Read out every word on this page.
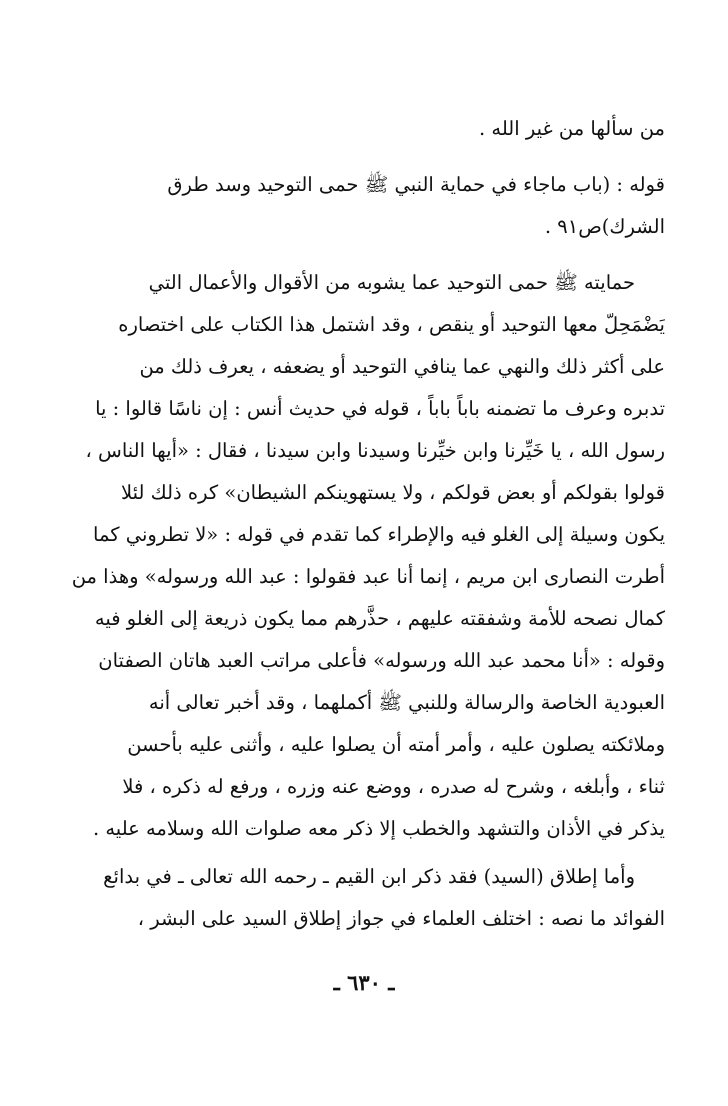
من سألها من غير الله .
قوله : (باب ماجاء في حماية النبي ﷺ حمى التوحيد وسد طرق
الشرك)ص٩١ .
حمايته ﷺ حمى التوحيد عما يشوبه من الأقوال والأعمال التي
يَضْمَحِلّ معها التوحيد أو ينقص ، وقد اشتمل هذا الكتاب على اختصاره
على أكثر ذلك والنهي عما ينافي التوحيد أو يضعفه ، يعرف ذلك من
تدبره وعرف ما تضمنه باباً باباً ، قوله في حديث أنس : إن ناسًا قالوا : يا
رسول الله ، يا خَيِّرنا وابن خيِّرنا وسيدنا وابن سيدنا ، فقال : «أيها الناس ،
قولوا بقولكم أو بعض قولكم ، ولا يستهوينكم الشيطان» كره ذلك لئلا
يكون وسيلة إلى الغلو فيه والإطراء كما تقدم في قوله : «لا تطروني كما
أطرت النصارى ابن مريم ، إنما أنا عبد فقولوا : عبد الله ورسوله» وهذا من
كمال نصحه للأمة وشفقته عليهم ، حذَّرهم مما يكون ذريعة إلى الغلو فيه
وقوله : «أنا محمد عبد الله ورسوله» فأعلى مراتب العبد هاتان الصفتان
العبودية الخاصة والرسالة وللنبي ﷺ أكملهما ، وقد أخبر تعالى أنه
وملائكته يصلون عليه ، وأمر أمته أن يصلوا عليه ، وأثنى عليه بأحسن
ثناء ، وأبلغه ، وشرح له صدره ، ووضع عنه وزره ، ورفع له ذكره ، فلا
يذكر في الأذان والتشهد والخطب إلا ذكر معه صلوات الله وسلامه عليه .
وأما إطلاق (السيد) فقد ذكر ابن القيم ـ رحمه الله تعالى ـ في بدائع
الفوائد ما نصه : اختلف العلماء في جواز إطلاق السيد على البشر ،
ـ ٦٣٠ ـ
